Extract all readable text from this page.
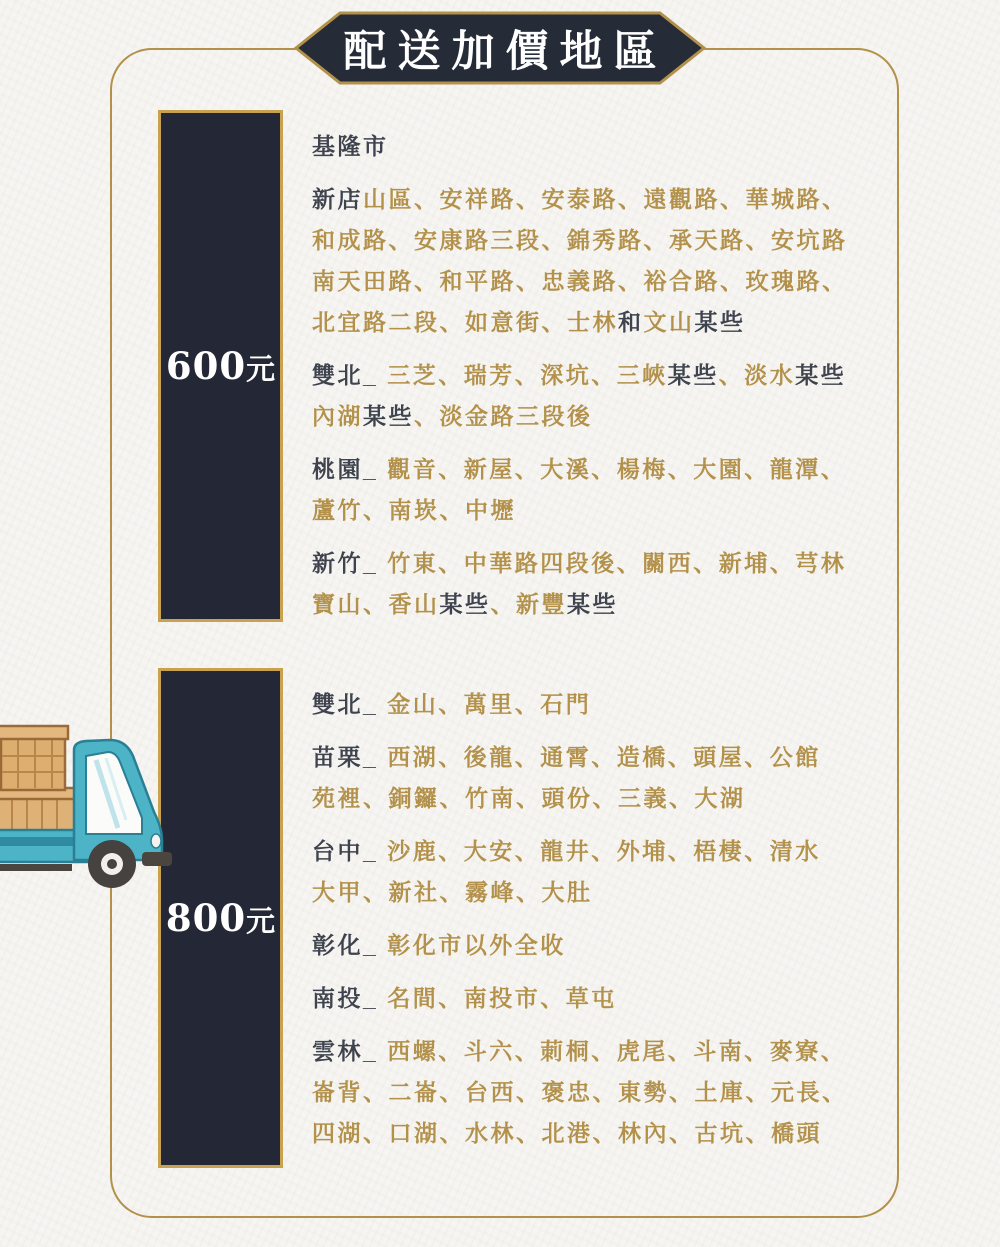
配送加價地區
600元
800元
基隆市
新店山區、安祥路、安泰路、遠觀路、華城路、
和成路、安康路三段、錦秀路、承天路、安坑路
南天田路、和平路、忠義路、裕合路、玫瑰路、
北宜路二段、如意街、士林和文山某些
雙北_ 三芝、瑞芳、深坑、三峽某些、淡水某些
內湖某些、淡金路三段後
桃園_ 觀音、新屋、大溪、楊梅、大園、龍潭、
蘆竹、南崁、中壢
新竹_ 竹東、中華路四段後、關西、新埔、芎林
寶山、香山某些、新豐某些
雙北_ 金山、萬里、石門
苗栗_ 西湖、後龍、通霄、造橋、頭屋、公館
苑裡、銅鑼、竹南、頭份、三義、大湖
台中_ 沙鹿、大安、龍井、外埔、梧棲、清水
大甲、新社、霧峰、大肚
彰化_ 彰化市以外全收
南投_ 名間、南投市、草屯
雲林_ 西螺、斗六、莿桐、虎尾、斗南、麥寮、
崙背、二崙、台西、褒忠、東勢、土庫、元長、
四湖、口湖、水林、北港、林內、古坑、橋頭
